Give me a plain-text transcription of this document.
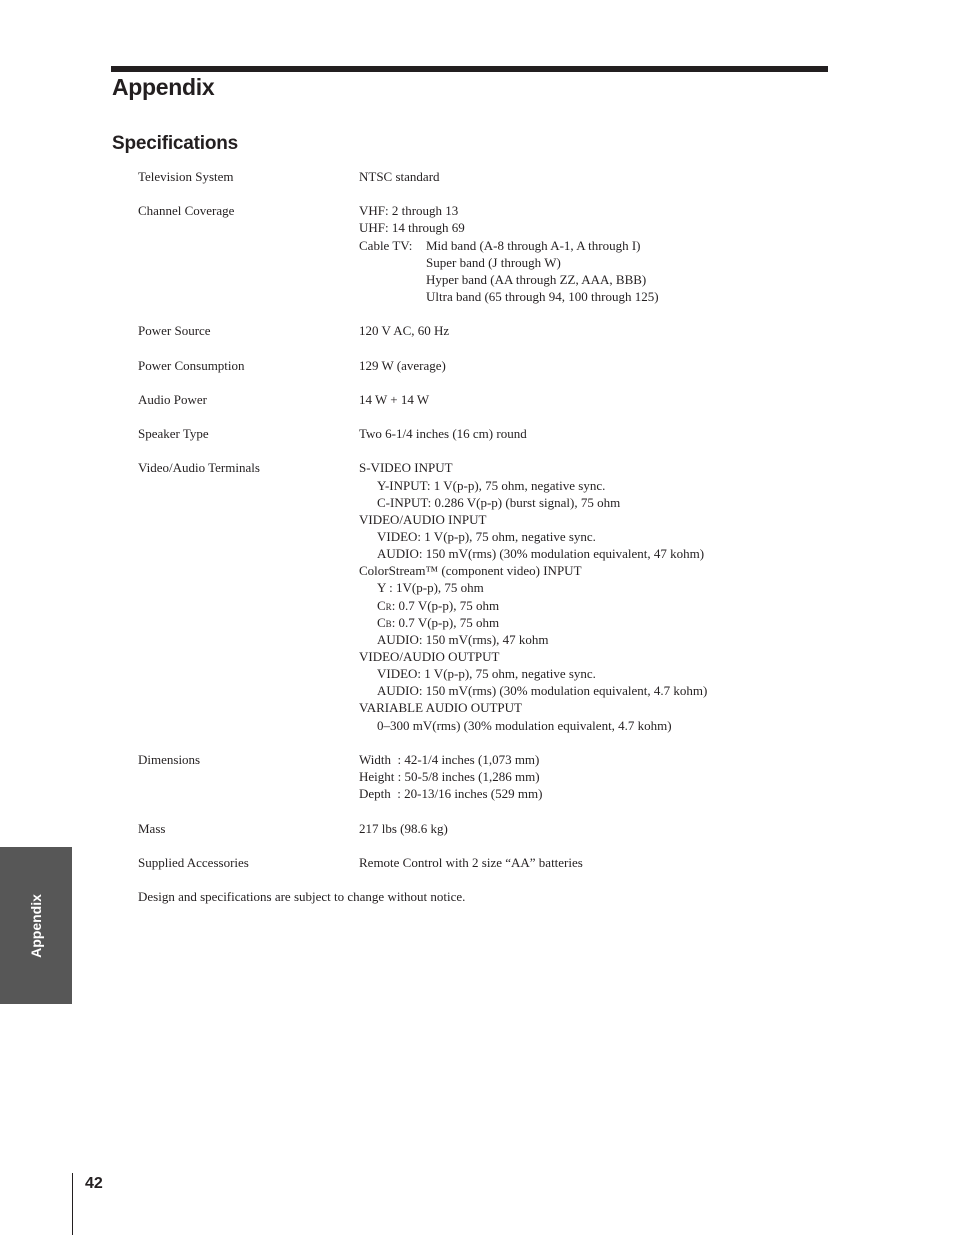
Appendix
Specifications
Television System	NTSC standard
Channel Coverage	VHF: 2 through 13
UHF: 14 through 69
Cable TV: Mid band (A-8 through A-1, A through I)
Super band (J through W)
Hyper band (AA through ZZ, AAA, BBB)
Ultra band (65 through 94, 100 through 125)
Power Source	120 V AC, 60 Hz
Power Consumption	129 W (average)
Audio Power	14 W + 14 W
Speaker Type	Two 6-1/4 inches (16 cm) round
Video/Audio Terminals	S-VIDEO INPUT
Y-INPUT: 1 V(p-p), 75 ohm, negative sync.
C-INPUT: 0.286 V(p-p) (burst signal), 75 ohm
VIDEO/AUDIO INPUT
VIDEO: 1 V(p-p), 75 ohm, negative sync.
AUDIO: 150 mV(rms) (30% modulation equivalent, 47 kohm)
ColorStream™ (component video) INPUT
Y : 1V(p-p), 75 ohm
CR: 0.7 V(p-p), 75 ohm
CB: 0.7 V(p-p), 75 ohm
AUDIO: 150 mV(rms), 47 kohm
VIDEO/AUDIO OUTPUT
VIDEO: 1 V(p-p), 75 ohm, negative sync.
AUDIO: 150 mV(rms) (30% modulation equivalent, 4.7 kohm)
VARIABLE AUDIO OUTPUT
0–300 mV(rms) (30% modulation equivalent, 4.7 kohm)
Dimensions	Width  : 42-1/4 inches (1,073 mm)
Height : 50-5/8 inches (1,286 mm)
Depth  : 20-13/16 inches (529 mm)
Mass	217 lbs (98.6 kg)
Supplied Accessories	Remote Control with 2 size “AA” batteries
Design and specifications are subject to change without notice.
Appendix
42
